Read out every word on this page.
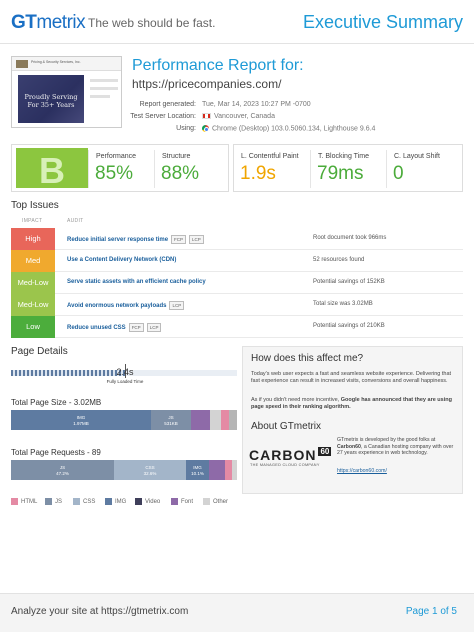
GTmetrix The web should be fast.	Executive Summary
Pricing & Security Services, Inc.
Proudly Serving For 35+ Years
Performance Report for:
https://pricecompanies.com/
Report generated: Tue, Mar 14, 2023 10:27 PM -0700
Test Server Location:	Vancouver, Canada
Using: Chrome (Desktop) 103.0.5060.134, Lighthouse 9.6.4
B	Performance
85%
Structure
88%
L. Contentful Paint
1.9s
T. Blocking Time
79ms
C. Layout Shift
0
Top Issues
IMPACT	AUDIT
High	Reduce initial server response time FCP LCP	Root document took 966ms
Med	Use a Content Delivery Network (CDN)	52 resources found
Med-Low	Serve static assets with an efficient cache policy	Potential savings of 152KB
Med-Low	Avoid enormous network payloads LCP	Total size was 3.02MB
Low	Reduce unused CSS FCP LCP	Potential savings of 210KB
Page Details
2.4s
Fully Loaded Time
Total Page Size - 3.02MB
IMG
1.97MB
JS
531KB
Total Page Requests - 89
JS
47.2%
CSS
32.6%
IMG
10.1%
HTML	JS	CSS	IMG	Video	Font	Other
How does this affect me?
Today's web user expects a fast and seamless website experience. Delivering that fast experience can result in increased visits, conversions and overall happiness.
As if you didn't need more incentive, Google has announced that they are using page speed in their ranking algorithm.
About GTmetrix
CARBON $^{60}$
THE MANAGED CLOUD COMPANY
GTmetrix is developed by the good folks at Carbon60, a Canadian hosting company with over 27 years experience in web technology.
https://carbon60.com/
Analyze your site at https://gtmetrix.com	Page 1 of 5
